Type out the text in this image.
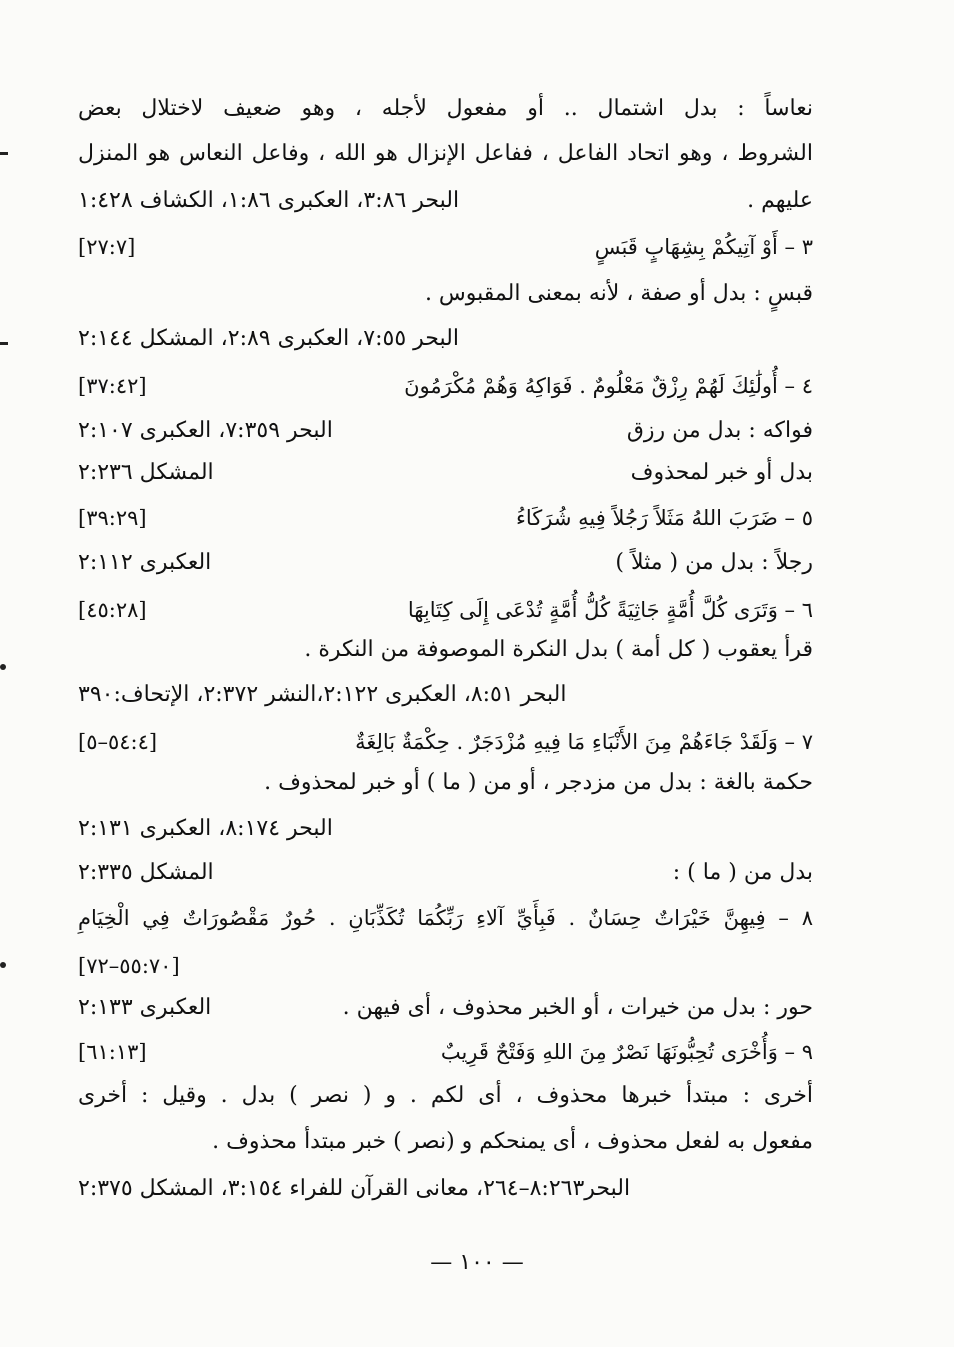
نعاساً : بدل اشتمال .. أو مفعول لأجله ، وهو ضعيف لاختلال بعض
الشروط ، وهو اتحاد الفاعل ، ففاعل الإنزال هو الله ، وفاعل النعاس هو المنزل
عليهم .
البحر ٣:٨٦، العكبرى ١:٨٦، الكشاف ١:٤٢٨
٣ – أَوْ آتِيكُمْ بِشِهَابٍ قَبَسٍ
[٢٧:٧]
قبسٍ : بدل أو صفة ، لأنه بمعنى المقبوس .
البحر ٧:٥٥، العكبرى ٢:٨٩، المشكل ٢:١٤٤
٤ – أُولَٰئِكَ لَهُمْ رِزْقٌ مَعْلُومٌ . فَوَاكِهُ وَهُمْ مُكْرَمُونَ
[٣٧:٤٢]
فواكه : بدل من رزق
البحر ٧:٣٥٩، العكبرى ٢:١٠٧
بدل أو خبر لمحذوف
المشكل ٢:٢٣٦
٥ – ضَرَبَ اللهُ مَثَلاً رَجُلاً فِيهِ شُرَكَاءُ
[٣٩:٢٩]
رجلاً : بدل من ( مثلاً )
العكبرى ٢:١١٢
٦ – وَتَرَى كُلَّ أُمَّةٍ جَاثِيَةً كُلُّ أُمَّةٍ تُدْعَى إِلَى كِتَابِهَا
[٤٥:٢٨]
قرأ يعقوب ( كل أمة ) بدل النكرة الموصوفة من النكرة .
البحر ٨:٥١، العكبرى ٢:١٢٢،النشر ٢:٣٧٢، الإتحاف:٣٩٠
٧ – وَلَقَدْ جَاءَهُمْ مِنَ الأَنْبَاءِ مَا فِيهِ مُزْدَجَرٌ . حِكْمَةٌ بَالِغَةٌ
[٥٤:٤–٥]
حكمة بالغة : بدل من مزدجر ، أو من ( ما ) أو خبر لمحذوف .
البحر ٨:١٧٤، العكبرى ٢:١٣١
بدل من ( ما ) :
المشكل ٢:٣٣٥
٨ – فِيهِنَّ خَيْرَاتٌ حِسَانٌ . فَبِأَيِّ آلاءِ رَبِّكُمَا تُكَذِّبَانِ . حُورٌ مَقْصُورَاتٌ فِي الْخِيَامِ
[٥٥:٧٠–٧٢]
حور : بدل من خيرات ، أو الخبر محذوف ، أى فيهن .
العكبرى ٢:١٣٣
٩ – وَأُخْرَى تُحِبُّونَهَا نَصْرٌ مِنَ اللهِ وَفَتْحٌ قَرِيبٌ
[٦١:١٣]
أخرى : مبتدأ خبرها محذوف ، أى لكم . و ( نصر ) بدل . وقيل : أخرى
مفعول به لفعل محذوف ، أى يمنحكم و (نصر ) خبر مبتدأ محذوف .
البحر٨:٢٦٣–٢٦٤، معانى القرآن للفراء ٣:١٥٤، المشكل ٢:٣٧٥
— ١٠٠ —
